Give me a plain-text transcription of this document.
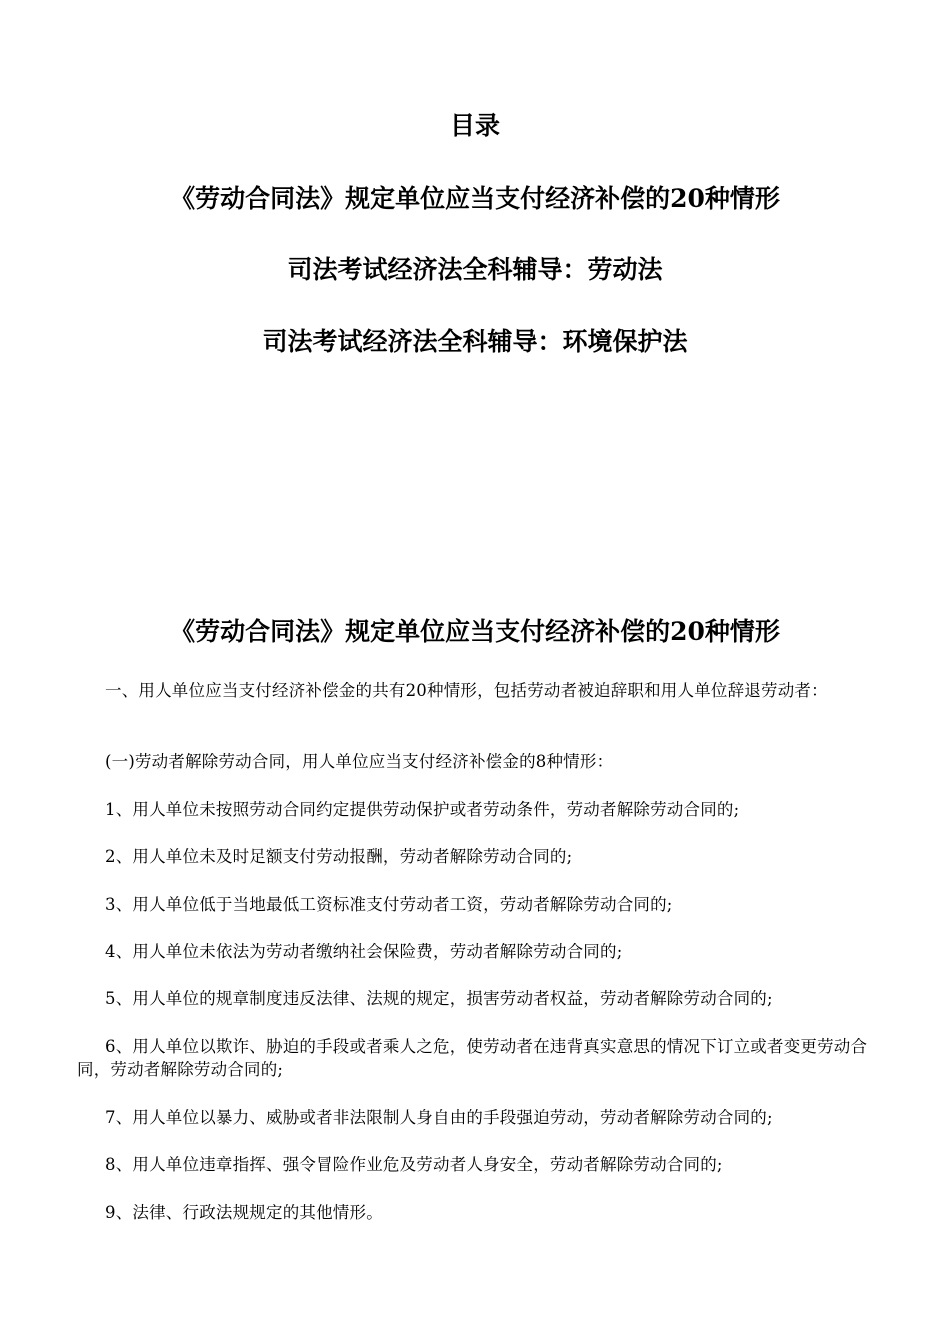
目录

《劳动合同法》规定单位应当支付经济补偿的20种情形

司法考试经济法全科辅导：劳动法

司法考试经济法全科辅导：环境保护法

《劳动合同法》规定单位应当支付经济补偿的20种情形

一、用人单位应当支付经济补偿金的共有20种情形，包括劳动者被迫辞职和用人单位辞退劳动者：

(一)劳动者解除劳动合同，用人单位应当支付经济补偿金的8种情形：

1、用人单位未按照劳动合同约定提供劳动保护或者劳动条件，劳动者解除劳动合同的;

2、用人单位未及时足额支付劳动报酬，劳动者解除劳动合同的;

3、用人单位低于当地最低工资标准支付劳动者工资，劳动者解除劳动合同的;

4、用人单位未依法为劳动者缴纳社会保险费，劳动者解除劳动合同的;

5、用人单位的规章制度违反法律、法规的规定，损害劳动者权益，劳动者解除劳动合同的;

6、用人单位以欺诈、胁迫的手段或者乘人之危，使劳动者在违背真实意思的情况下订立或者变更劳动合同，劳动者解除劳动合同的;

7、用人单位以暴力、威胁或者非法限制人身自由的手段强迫劳动，劳动者解除劳动合同的;

8、用人单位违章指挥、强令冒险作业危及劳动者人身安全，劳动者解除劳动合同的;

9、法律、行政法规规定的其他情形。
